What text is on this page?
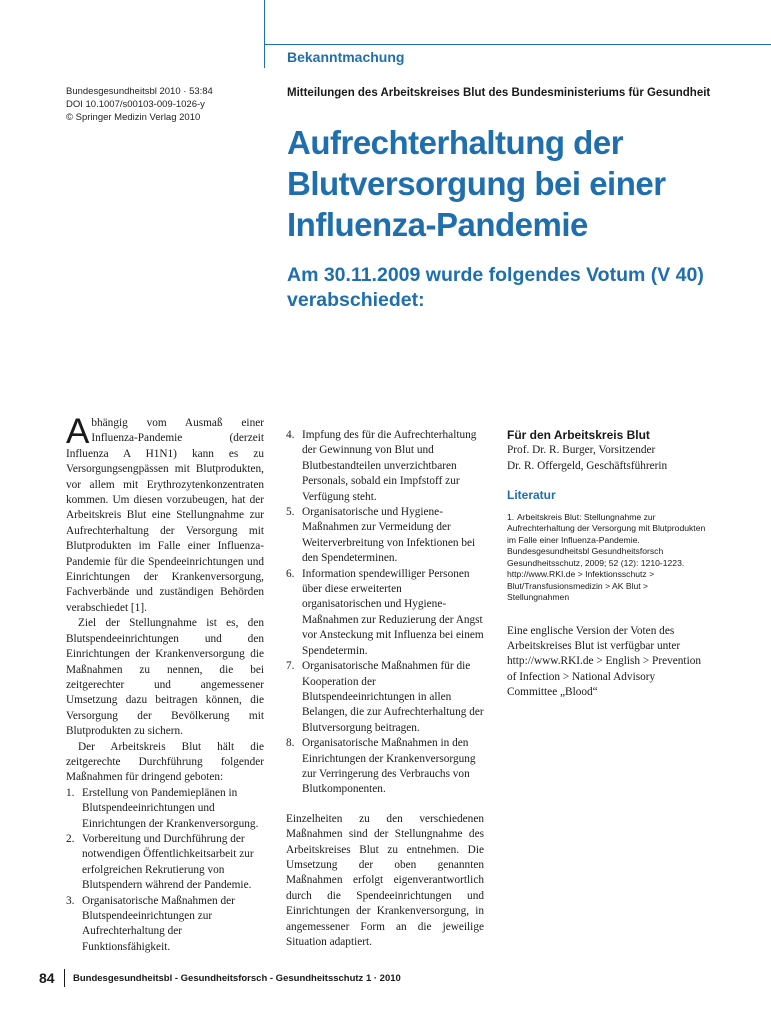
Bekanntmachung
Bundesgesundheitsbl 2010 · 53:84
DOI 10.1007/s00103-009-1026-y
© Springer Medizin Verlag 2010
Mitteilungen des Arbeitskreises Blut des Bundesministeriums für Gesundheit
Aufrechterhaltung der Blutversorgung bei einer Influenza-Pandemie
Am 30.11.2009 wurde folgendes Votum (V 40) verabschiedet:

Abhängig vom Ausmaß einer Influenza-Pandemie (derzeit Influenza A H1N1) kann es zu Versorgungsengpässen mit Blutprodukten, vor allem mit Erythrozytenkonzentraten kommen. Um diesen vorzubeugen, hat der Arbeitskreis Blut eine Stellungnahme zur Aufrechterhaltung der Versorgung mit Blutprodukten im Falle einer Influenza-Pandemie für die Spendeeinrichtungen und Einrichtungen der Krankenversorgung, Fachverbände und zuständigen Behörden verabschiedet [1].

Ziel der Stellungnahme ist es, den Blutspendeeinrichtungen und den Einrichtungen der Krankenversorgung die Maßnahmen zu nennen, die bei zeitgerechter und angemessener Umsetzung dazu beitragen können, die Versorgung der Bevölkerung mit Blutprodukten zu sichern.

Der Arbeitskreis Blut hält die zeitgerechte Durchführung folgender Maßnahmen für dringend geboten:

1. Erstellung von Pandemieplänen in Blutspendeeinrichtungen und Einrichtungen der Krankenversorgung.
2. Vorbereitung und Durchführung der notwendigen Öffentlichkeitsarbeit zur erfolgreichen Rekrutierung von Blutspendern während der Pandemie.
3. Organisatorische Maßnahmen der Blutspendeeinrichtungen zur Aufrechterhaltung der Funktionsfähigkeit.
4. Impfung des für die Aufrechterhaltung der Gewinnung von Blut und Blutbestandteilen unverzichtbaren Personals, sobald ein Impfstoff zur Verfügung steht.
5. Organisatorische und Hygiene-Maßnahmen zur Vermeidung der Weiterverbreitung von Infektionen bei den Spendeterminen.
6. Information spendewilliger Personen über diese erweiterten organisatorischen und Hygiene-Maßnahmen zur Reduzierung der Angst vor Ansteckung mit Influenza bei einem Spendetermin.
7. Organisatorische Maßnahmen für die Kooperation der Blutspendeeinrichtungen in allen Belangen, die zur Aufrechterhaltung der Blutversorgung beitragen.
8. Organisatorische Maßnahmen in den Einrichtungen der Krankenversorgung zur Verringerung des Verbrauchs von Blutkomponenten.

Einzelheiten zu den verschiedenen Maßnahmen sind der Stellungnahme des Arbeitskreises Blut zu entnehmen. Die Umsetzung der oben genannten Maßnahmen erfolgt eigenverantwortlich durch die Spendeeinrichtungen und Einrichtungen der Krankenversorgung, in angemessener Form an die jeweilige Situation adaptiert.

Für den Arbeitskreis Blut
Prof. Dr. R. Burger, Vorsitzender
Dr. R. Offergeld, Geschäftsführerin
Literatur
1. Arbeitskreis Blut: Stellungnahme zur Aufrechterhaltung der Versorgung mit Blutprodukten im Falle einer Influenza-Pandemie. Bundesgesundheitsbl Gesundheitsforsch Gesundheitsschutz, 2009; 52 (12): 1210-1223. http://www.RKI.de > Infektionsschutz > Blut/Transfusionsmedizin > AK Blut > Stellungnahmen

Eine englische Version der Voten des Arbeitskreises Blut ist verfügbar unter http://www.RKI.de > English > Prevention of Infection > National Advisory Committee „Blood“

84 Bundesgesundheitsbl - Gesundheitsforsch - Gesundheitsschutz 1 · 2010
